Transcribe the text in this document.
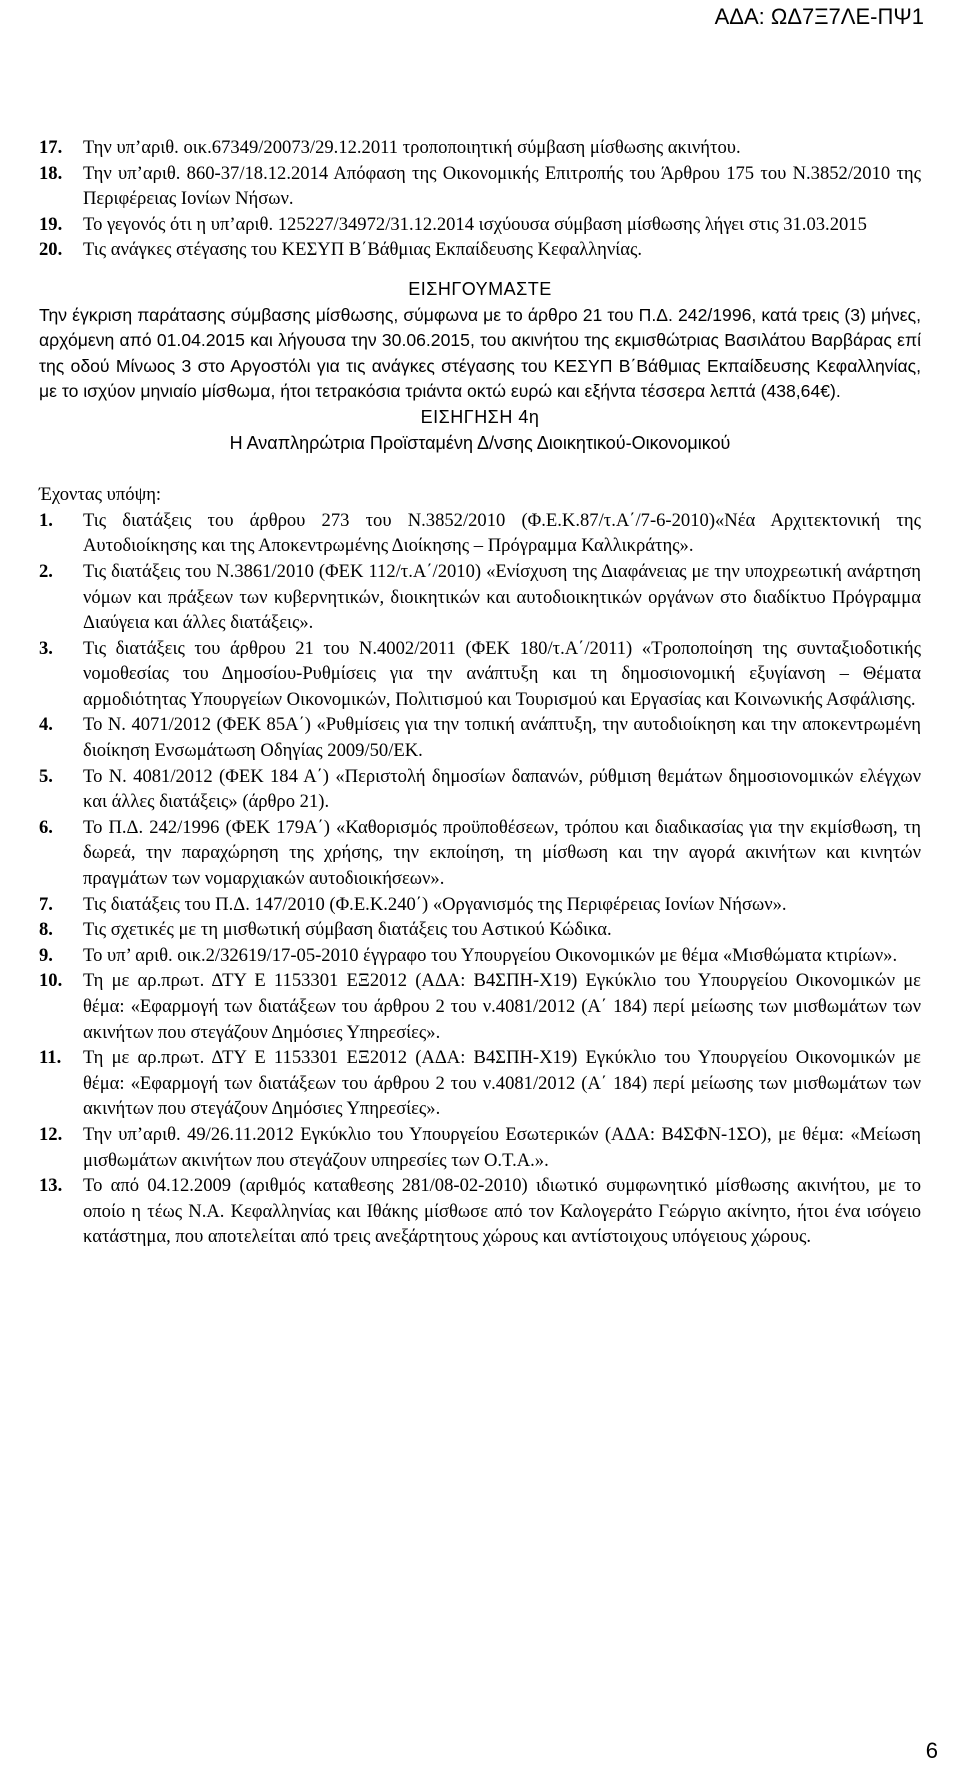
ΑΔΑ: ΩΔ7Ξ7ΛΕ-ΠΨ1
17.	Την υπ’αριθ. οικ.67349/20073/29.12.2011 τροποποιητική σύμβαση μίσθωσης ακινήτου.
18.	Την υπ’αριθ. 860-37/18.12.2014 Απόφαση της Οικονομικής Επιτροπής του Άρθρου 175 του Ν.3852/2010 της Περιφέρειας Ιονίων Νήσων.
19.	Το γεγονός ότι η υπ’αριθ. 125227/34972/31.12.2014 ισχύουσα σύμβαση μίσθωσης λήγει στις 31.03.2015
20.	Τις ανάγκες στέγασης του ΚΕΣΥΠ Β΄Βάθμιας Εκπαίδευσης Κεφαλληνίας.
ΕΙΣΗΓΟΥΜΑΣΤΕ
Την έγκριση παράτασης σύμβασης μίσθωσης, σύμφωνα με το άρθρο 21 του Π.Δ. 242/1996, κατά τρεις (3) μήνες, αρχόμενη από 01.04.2015 και λήγουσα την 30.06.2015, του ακινήτου της εκμισθώτριας Βασιλάτου Βαρβάρας επί της οδού Μίνωος 3 στο Αργοστόλι για τις ανάγκες στέγασης του ΚΕΣΥΠ Β΄Βάθμιας Εκπαίδευσης Κεφαλληνίας, με το ισχύον μηνιαίο μίσθωμα, ήτοι τετρακόσια τριάντα οκτώ ευρώ και εξήντα τέσσερα λεπτά (438,64€).
ΕΙΣΗΓΗΣΗ 4η
Η Αναπληρώτρια Προϊσταμένη Δ/νσης Διοικητικού-Οικονομικού
Έχοντας υπόψη:
1.	Τις διατάξεις του άρθρου 273 του Ν.3852/2010 (Φ.Ε.Κ.87/τ.Α΄/7-6-2010)«Νέα Αρχιτεκτονική της Αυτοδιοίκησης και της Αποκεντρωμένης Διοίκησης – Πρόγραμμα Καλλικράτης».
2.	Τις διατάξεις του Ν.3861/2010 (ΦΕΚ 112/τ.Α΄/2010) «Ενίσχυση της Διαφάνειας με την υποχρεωτική ανάρτηση νόμων και πράξεων των κυβερνητικών, διοικητικών και αυτοδιοικητικών οργάνων στο διαδίκτυο Πρόγραμμα Διαύγεια και άλλες διατάξεις».
3.	Τις διατάξεις του άρθρου 21 του Ν.4002/2011 (ΦΕΚ 180/τ.Α΄/2011) «Τροποποίηση της συνταξιοδοτικής νομοθεσίας του Δημοσίου-Ρυθμίσεις για την ανάπτυξη και τη δημοσιονομική εξυγίανση – Θέματα αρμοδιότητας Υπουργείων Οικονομικών, Πολιτισμού και Τουρισμού και Εργασίας και Κοινωνικής Ασφάλισης.
4.	Το Ν. 4071/2012 (ΦΕΚ 85Α΄) «Ρυθμίσεις για την τοπική ανάπτυξη, την αυτοδιοίκηση και την αποκεντρωμένη διοίκηση Ενσωμάτωση Οδηγίας 2009/50/ΕΚ.
5.	Το Ν. 4081/2012 (ΦΕΚ 184 Α΄) «Περιστολή δημοσίων δαπανών, ρύθμιση θεμάτων δημοσιονομικών ελέγχων και άλλες διατάξεις» (άρθρο 21).
6.	Το Π.Δ. 242/1996 (ΦΕΚ 179Α΄) «Καθορισμός προϋποθέσεων, τρόπου και διαδικασίας για την εκμίσθωση, τη δωρεά, την παραχώρηση της χρήσης, την εκποίηση, τη μίσθωση και την αγορά ακινήτων και κινητών πραγμάτων των νομαρχιακών αυτοδιοικήσεων».
7.	Τις διατάξεις του Π.Δ. 147/2010 (Φ.Ε.Κ.240΄) «Οργανισμός της Περιφέρειας Ιονίων Νήσων».
8.	Τις σχετικές με τη μισθωτική σύμβαση διατάξεις του Αστικού Κώδικα.
9.	Το υπ’ αριθ. οικ.2/32619/17-05-2010 έγγραφο του Υπουργείου Οικονομικών με θέμα «Μισθώματα κτιρίων».
10.	Τη με αρ.πρωτ. ΔΤΥ Ε 1153301 ΕΞ2012 (ΑΔΑ: Β4ΣΠΗ-Χ19) Εγκύκλιο του Υπουργείου Οικονομικών με θέμα: «Εφαρμογή των διατάξεων του άρθρου 2 του ν.4081/2012 (Α΄ 184) περί μείωσης των μισθωμάτων των ακινήτων που στεγάζουν Δημόσιες Υπηρεσίες».
11.	Τη με αρ.πρωτ. ΔΤΥ Ε 1153301 ΕΞ2012 (ΑΔΑ: Β4ΣΠΗ-Χ19) Εγκύκλιο του Υπουργείου Οικονομικών με θέμα: «Εφαρμογή των διατάξεων του άρθρου 2 του ν.4081/2012 (Α΄ 184) περί μείωσης των μισθωμάτων των ακινήτων που στεγάζουν Δημόσιες Υπηρεσίες».
12.	Την υπ’αριθ. 49/26.11.2012 Εγκύκλιο του Υπουργείου Εσωτερικών (ΑΔΑ: Β4ΣΦΝ-1ΣΟ), με θέμα: «Μείωση μισθωμάτων ακινήτων που στεγάζουν υπηρεσίες των Ο.Τ.Α.».
13.	Το από 04.12.2009 (αριθμός καταθεσης 281/08-02-2010) ιδιωτικό συμφωνητικό μίσθωσης ακινήτου, με το οποίο η τέως Ν.Α. Κεφαλληνίας και Ιθάκης μίσθωσε από τον Καλογεράτο Γεώργιο ακίνητο, ήτοι ένα ισόγειο κατάστημα, που αποτελείται από τρεις ανεξάρτητους χώρους και αντίστοιχους υπόγειους χώρους.
6
